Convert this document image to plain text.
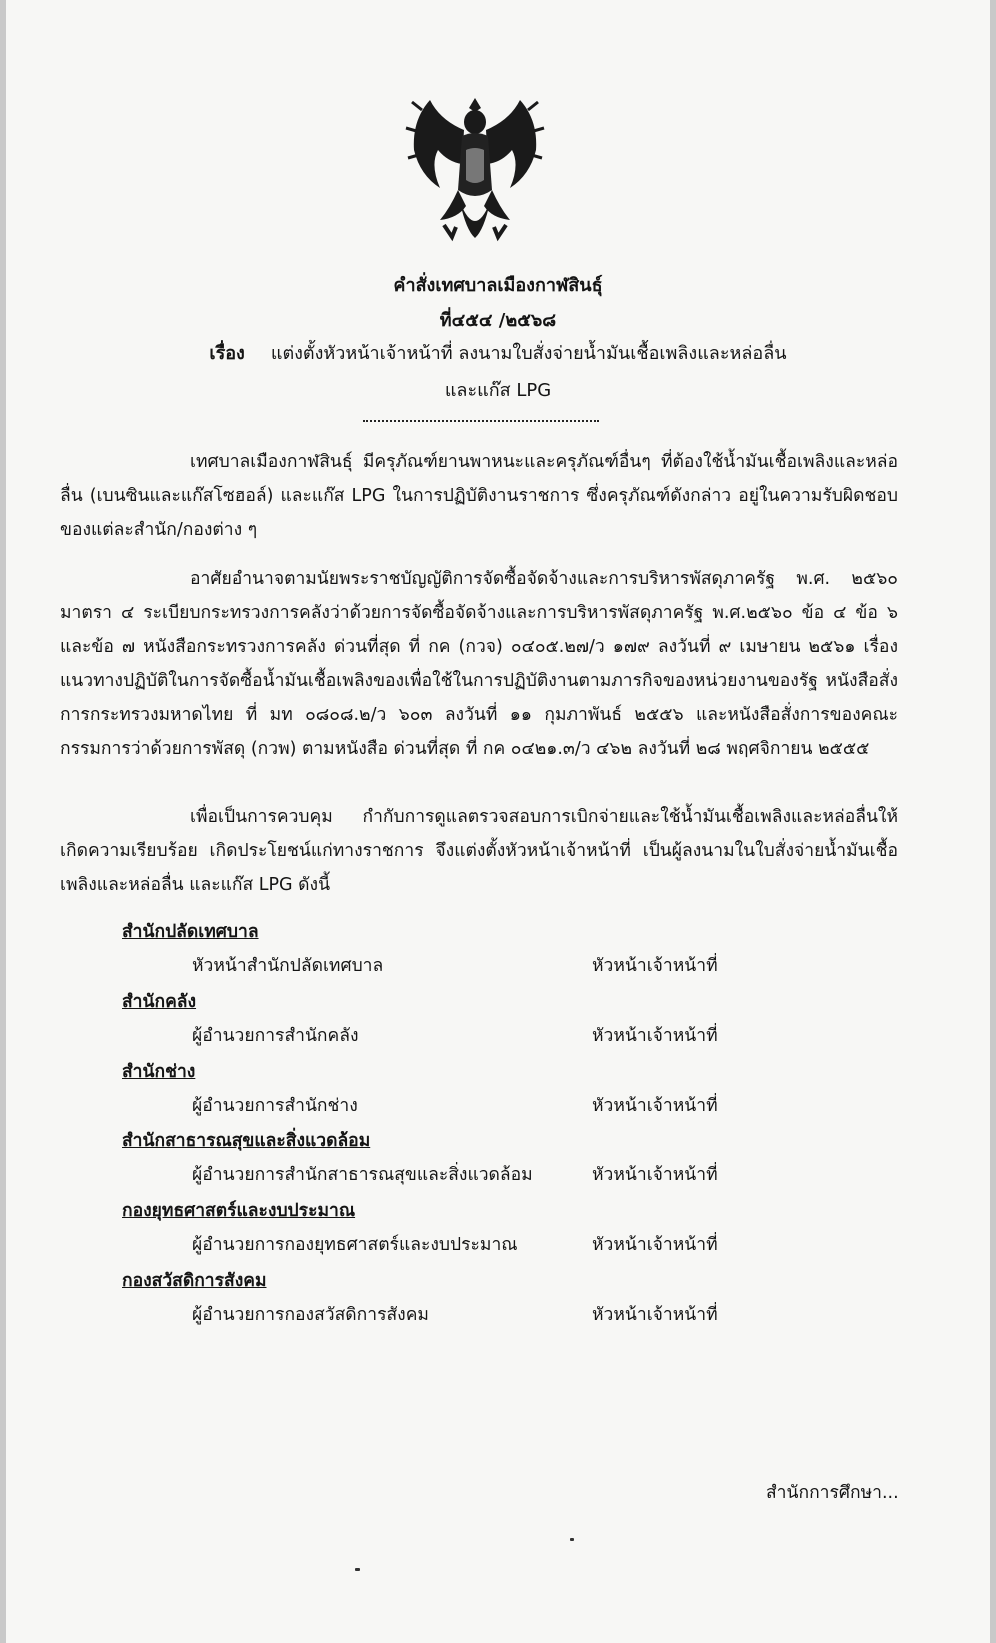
คำสั่งเทศบาลเมืองกาฬสินธุ์
ที่๔๕๔ /๒๕๖๘
เรื่อง แต่งตั้งหัวหน้าเจ้าหน้าที่ ลงนามใบสั่งจ่ายน้ำมันเชื้อเพลิงและหล่อลื่น
และแก๊ส LPG

เทศบาลเมืองกาฬสินธุ์ มีครุภัณฑ์ยานพาหนะและครุภัณฑ์อื่นๆ ที่ต้องใช้น้ำมันเชื้อเพลิงและหล่อลื่น (เบนซินและแก๊สโซฮอล์) และแก๊ส LPG ในการปฏิบัติงานราชการ ซึ่งครุภัณฑ์ดังกล่าว อยู่ในความรับผิดชอบของแต่ละสำนัก/กองต่าง ๆ

อาศัยอำนาจตามนัยพระราชบัญญัติการจัดซื้อจัดจ้างและการบริหารพัสดุภาครัฐ พ.ศ. ๒๕๖๐ มาตรา ๔ ระเบียบกระทรวงการคลังว่าด้วยการจัดซื้อจัดจ้างและการบริหารพัสดุภาครัฐ พ.ศ.๒๕๖๐ ข้อ ๔ ข้อ ๖ และข้อ ๗ หนังสือกระทรวงการคลัง ด่วนที่สุด ที่ กค (กวจ) ๐๔๐๕.๒๗/ว ๑๗๙ ลงวันที่ ๙ เมษายน ๒๕๖๑ เรื่อง แนวทางปฏิบัติในการจัดซื้อน้ำมันเชื้อเพลิงของเพื่อใช้ในการปฏิบัติงานตามภารกิจของหน่วยงานของรัฐ หนังสือสั่งการกระทรวงมหาดไทย ที่ มท ๐๘๐๘.๒/ว ๖๐๓ ลงวันที่ ๑๑ กุมภาพันธ์ ๒๕๕๖ และหนังสือสั่งการของคณะกรรมการว่าด้วยการพัสดุ (กวพ) ตามหนังสือ ด่วนที่สุด ที่ กค ๐๔๒๑.๓/ว ๔๖๒ ลงวันที่ ๒๘ พฤศจิกายน ๒๕๕๕

เพื่อเป็นการควบคุม กำกับการดูแลตรวจสอบการเบิกจ่ายและใช้น้ำมันเชื้อเพลิงและหล่อลื่นให้เกิดความเรียบร้อย เกิดประโยชน์แก่ทางราชการ จึงแต่งตั้งหัวหน้าเจ้าหน้าที่ เป็นผู้ลงนามในใบสั่งจ่ายน้ำมันเชื้อเพลิงและหล่อลื่น และแก๊ส LPG ดังนี้

สำนักปลัดเทศบาล
หัวหน้าสำนักปลัดเทศบาล	หัวหน้าเจ้าหน้าที่
สำนักคลัง
ผู้อำนวยการสำนักคลัง	หัวหน้าเจ้าหน้าที่
สำนักช่าง
ผู้อำนวยการสำนักช่าง	หัวหน้าเจ้าหน้าที่
สำนักสาธารณสุขและสิ่งแวดล้อม
ผู้อำนวยการสำนักสาธารณสุขและสิ่งแวดล้อม	หัวหน้าเจ้าหน้าที่
กองยุทธศาสตร์และงบประมาณ
ผู้อำนวยการกองยุทธศาสตร์และงบประมาณ	หัวหน้าเจ้าหน้าที่
กองสวัสดิการสังคม
ผู้อำนวยการกองสวัสดิการสังคม	หัวหน้าเจ้าหน้าที่
สำนักการศึกษา...
